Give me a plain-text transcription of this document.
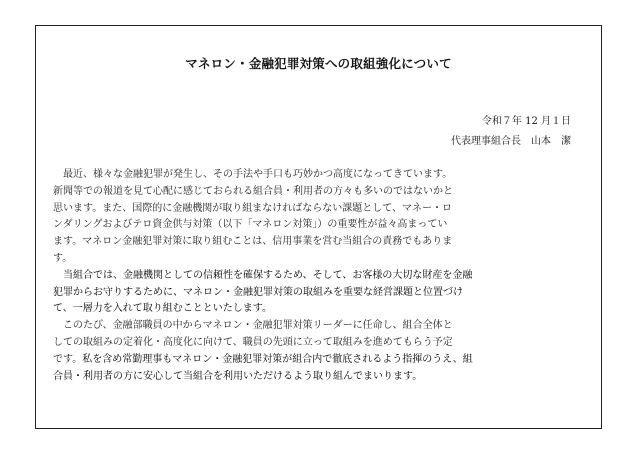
マネロン・金融犯罪対策への取組強化について
令和７年 12 月１日
代表理事組合長　山本　潔
　最近、様々な金融犯罪が発生し、その手法や手口も巧妙かつ高度になってきています。
新聞等での報道を見て心配に感じておられる組合員・利用者の方々も多いのではないかと
思います。また、国際的に金融機関が取り組まなければならない課題として、マネー・ロ
ンダリングおよびテロ資金供与対策（以下「マネロン対策」）の重要性が益々高まってい
ます。マネロン金融犯罪対策に取り組むことは、信用事業を営む当組合の責務でもありま
す。
　当組合では、金融機関としての信頼性を確保するため、そして、お客様の大切な財産を金融
犯罪からお守りするために、マネロン・金融犯罪対策の取組みを重要な経営課題と位置づけ
て、一層力を入れて取り組むことといたします。
　このたび、金融部職員の中からマネロン・金融犯罪対策リーダーに任命し、組合全体と
しての取組みの定着化・高度化に向けて、職員の先頭に立って取組みを進めてもらう予定
です。私を含め常勤理事もマネロン・金融犯罪対策が組合内で徹底されるよう指揮のうえ、組
合員・利用者の方に安心して当組合を利用いただけるよう取り組んでまいります。
